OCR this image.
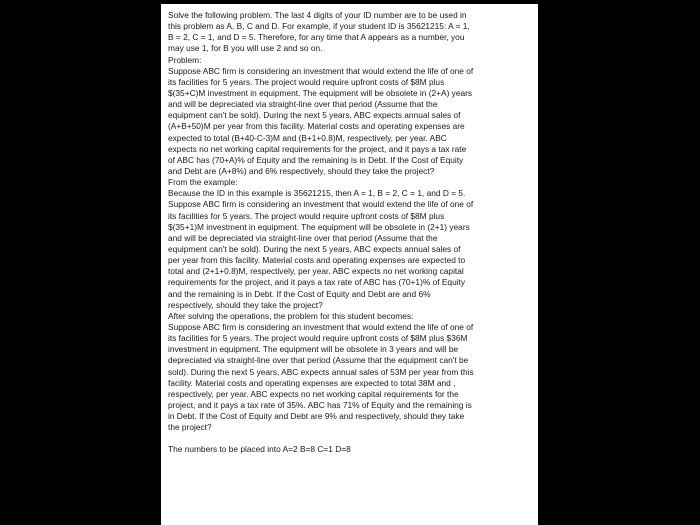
Solve the following problem. The last 4 digits of your ID number are to be used in
this problem as A, B, C and D. For example, if your student ID is 35621215: A = 1,
B = 2, C = 1, and D = 5. Therefore, for any time that A appears as a number, you
may use 1, for B you will use 2 and so on.
Problem:
Suppose ABC firm is considering an investment that would extend the life of one of
its facilities for 5 years. The project would require upfront costs of $8M plus
$(35+C)M investment in equipment. The equipment will be obsolete in (2+A) years
and will be depreciated via straight-line over that period (Assume that the
equipment can't be sold). During the next 5 years, ABC expects annual sales of
(A+B+50)M per year from this facility. Material costs and operating expenses are
expected to total (B+40-C-3)M and (B+1+0.8)M, respectively, per year. ABC
expects no net working capital requirements for the project, and it pays a tax rate
of ABC has (70+A)% of Equity and the remaining is in Debt. If the Cost of Equity
and Debt are (A+8%) and 6% respectively, should they take the project?
From the example:
Because the ID in this example is 35621215, then A = 1, B = 2, C = 1, and D = 5.
Suppose ABC firm is considering an investment that would extend the life of one of
its facilities for 5 years. The project would require upfront costs of $8M plus
$(35+1)M investment in equipment. The equipment will be obsolete in (2+1) years
and will be depreciated via straight-line over that period (Assume that the
equipment can't be sold). During the next 5 years, ABC expects annual sales of
per year from this facility. Material costs and operating expenses are expected to
total and (2+1+0.8)M, respectively, per year. ABC expects no net working capital
requirements for the project, and it pays a tax rate of ABC has (70+1)% of Equity
and the remaining is in Debt. If the Cost of Equity and Debt are and 6%
respectively, should they take the project?
After solving the operations, the problem for this student becomes:
Suppose ABC firm is considering an investment that would extend the life of one of
its facilities for 5 years. The project would require upfront costs of $8M plus $36M
investment in equipment. The equipment will be obsolete in 3 years and will be
depreciated via straight-line over that period (Assume that the equipment can't be
sold). During the next 5 years, ABC expects annual sales of 53M per year from this
facility. Material costs and operating expenses are expected to total 38M and ,
respectively, per year. ABC expects no net working capital requirements for the
project, and it pays a tax rate of 35%. ABC has 71% of Equity and the remaining is
in Debt. If the Cost of Equity and Debt are 9% and respectively, should they take
the project?
The numbers to be placed into A=2 B=8 C=1 D=8
